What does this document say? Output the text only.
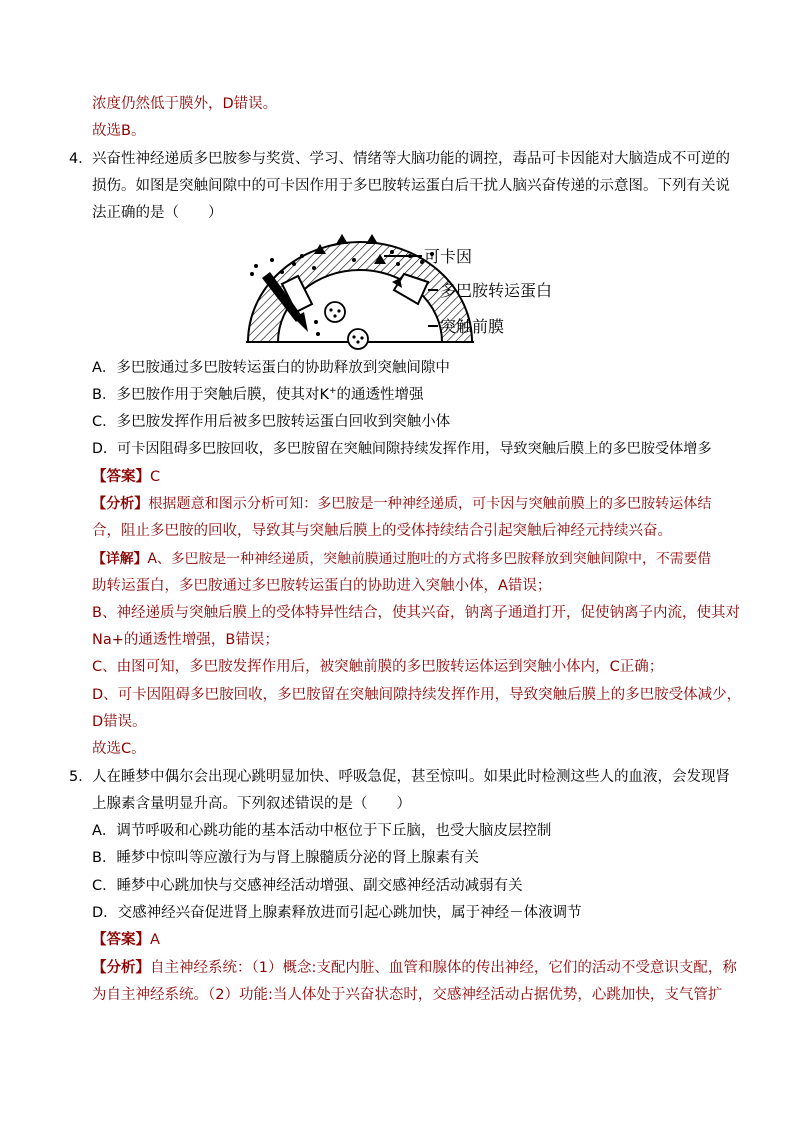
浓度仍然低于膜外，D错误。
故选B。
4． 兴奋性神经递质多巴胺参与奖赏、学习、情绪等大脑功能的调控，毒品可卡因能对大脑造成不可逆的
损伤。如图是突触间隙中的可卡因作用于多巴胺转运蛋白后干扰人脑兴奋传递的示意图。下列有关说
法正确的是（　　）
可卡因
多巴胺转运蛋白
突触前膜
A．多巴胺通过多巴胺转运蛋白的协助释放到突触间隙中
B．多巴胺作用于突触后膜，使其对K+的通透性增强
C．多巴胺发挥作用后被多巴胺转运蛋白回收到突触小体
D．可卡因阻碍多巴胺回收，多巴胺留在突触间隙持续发挥作用，导致突触后膜上的多巴胺受体增多
【答案】C
【分析】根据题意和图示分析可知：多巴胺是一种神经递质，可卡因与突触前膜上的多巴胺转运体结
合，阻止多巴胺的回收，导致其与突触后膜上的受体持续结合引起突触后神经元持续兴奋。
【详解】A、多巴胺是一种神经递质，突触前膜通过胞吐的方式将多巴胺释放到突触间隙中，不需要借
助转运蛋白，多巴胺通过多巴胺转运蛋白的协助进入突触小体，A错误；
B、神经递质与突触后膜上的受体特异性结合，使其兴奋，钠离子通道打开，促使钠离子内流，使其对
Na+的通透性增强，B错误；
C、由图可知，多巴胺发挥作用后，被突触前膜的多巴胺转运体运到突触小体内，C正确；
D、可卡因阻碍多巴胺回收，多巴胺留在突触间隙持续发挥作用，导致突触后膜上的多巴胺受体减少，
D错误。
故选C。
5． 人在睡梦中偶尔会出现心跳明显加快、呼吸急促，甚至惊叫。如果此时检测这些人的血液，会发现肾
上腺素含量明显升高。下列叙述错误的是（　　）
A．调节呼吸和心跳功能的基本活动中枢位于下丘脑，也受大脑皮层控制
B．睡梦中惊叫等应激行为与肾上腺髓质分泌的肾上腺素有关
C．睡梦中心跳加快与交感神经活动增强、副交感神经活动减弱有关
D．交感神经兴奋促进肾上腺素释放进而引起心跳加快，属于神经－体液调节
【答案】A
【分析】自主神经系统：（1）概念:支配内脏、血管和腺体的传出神经，它们的活动不受意识支配，称
为自主神经系统。（2）功能:当人体处于兴奋状态时，交感神经活动占据优势，心跳加快，支气管扩
